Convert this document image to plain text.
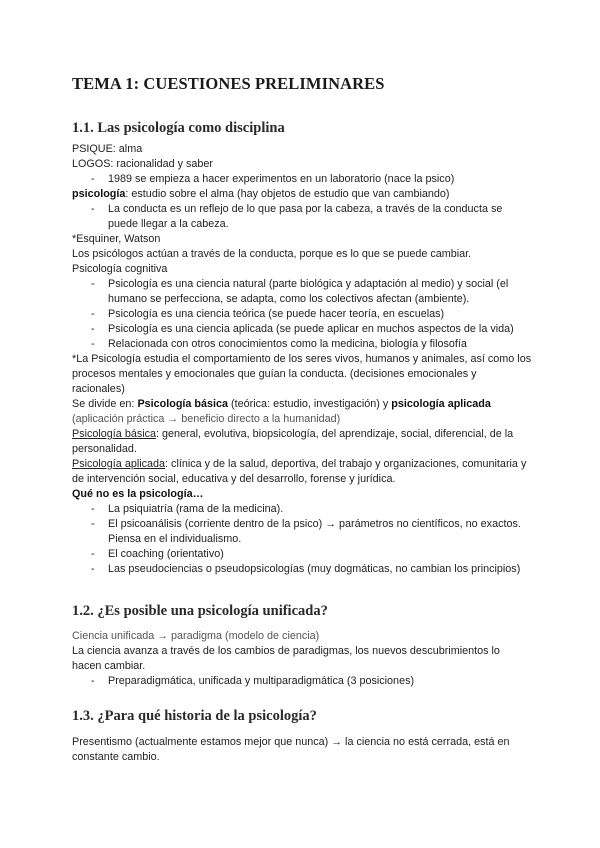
TEMA 1: CUESTIONES PRELIMINARES
1.1. Las psicología como disciplina

PSIQUE: alma

LOGOS: racionalidad y saber

- 1989 se empieza a hacer experimentos en un laboratorio (nace la psico)

psicología: estudio sobre el alma (hay objetos de estudio que van cambiando)

- La conducta es un reflejo de lo que pasa por la cabeza, a través de la conducta se puede llegar a la cabeza.

*Esquiner, Watson

Los psicólogos actúan a través de la conducta, porque es lo que se puede cambiar.

Psicología cognitiva

- Psicología es una ciencia natural (parte biológica y adaptación al medio) y social (el humano se perfecciona, se adapta, como los colectivos afectan (ambiente).
- Psicología es una ciencia teórica (se puede hacer teoría, en escuelas)
- Psicología es una ciencia aplicada (se puede aplicar en muchos aspectos de la vida)
- Relacionada con otros conocimientos como la medicina, biología y filosofía

*La Psicología estudia el comportamiento de los seres vivos, humanos y animales, así como los procesos mentales y emocionales que guían la conducta. (decisiones emocionales y racionales)

Se divide en: Psicología básica (teórica: estudio, investigación) y psicología aplicada (aplicación práctica → beneficio directo a la humanidad)

Psicología básica: general, evolutiva, biopsicología, del aprendizaje, social, diferencial, de la personalidad.

Psicología aplicada: clínica y de la salud, deportiva, del trabajo y organizaciones, comunitaria y de intervención social, educativa y del desarrollo, forense y jurídica.

Qué no es la psicología…

- La psiquiatría (rama de la medicina).
- El psicoanálisis (corriente dentro de la psico) → parámetros no científicos, no exactos. Piensa en el individualismo.
- El coaching (orientativo)
- Las pseudociencias o pseudopsicologías (muy dogmáticas, no cambian los principios)
1.2. ¿Es posible una psicología unificada?

Ciencia unificada → paradigma (modelo de ciencia)

La ciencia avanza a través de los cambios de paradigmas, los nuevos descubrimientos lo hacen cambiar.

- Preparadigmática, unificada y multiparadigmática (3 posiciones)
1.3. ¿Para qué historia de la psicología?

Presentismo (actualmente estamos mejor que nunca) → la ciencia no está cerrada, está en constante cambio.
